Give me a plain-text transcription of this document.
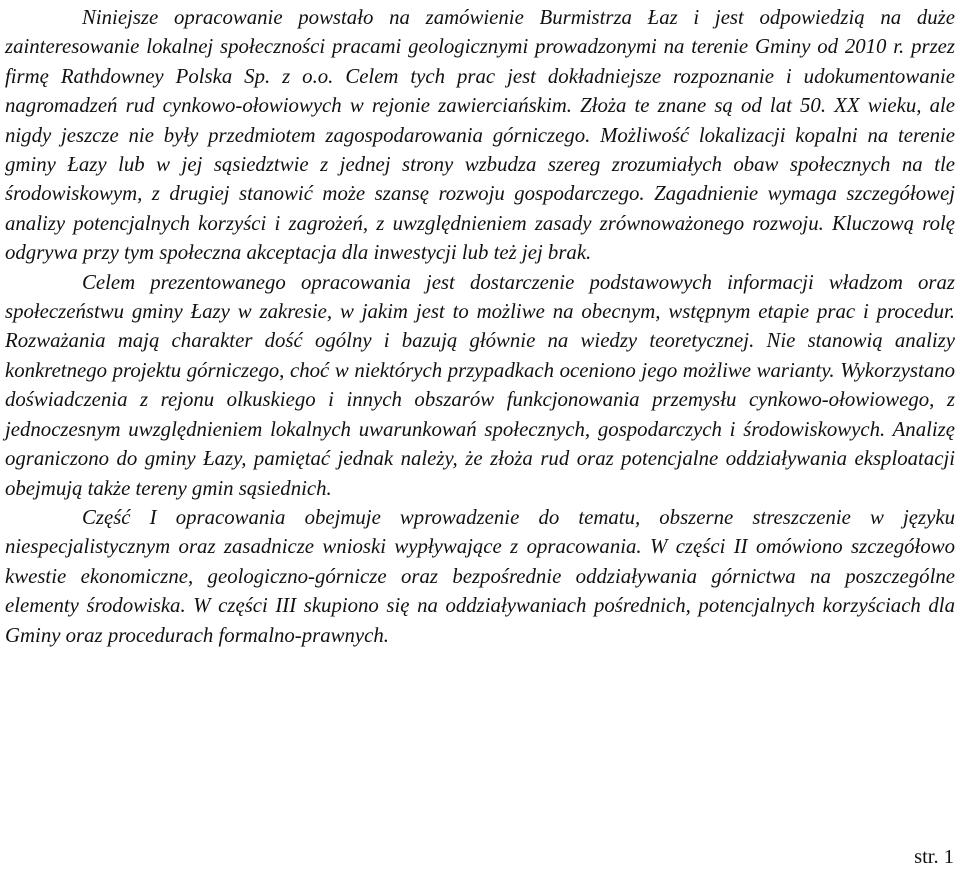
Niniejsze opracowanie powstało na zamówienie Burmistrza Łaz i jest odpowiedzią na duże zainteresowanie lokalnej społeczności pracami geologicznymi prowadzonymi na terenie Gminy od 2010 r. przez firmę Rathdowney Polska Sp. z o.o. Celem tych prac jest dokładniejsze rozpoznanie i udokumentowanie nagromadzeń rud cynkowo-ołowiowych w rejonie zawierciańskim. Złoża te znane są od lat 50. XX wieku, ale nigdy jeszcze nie były przedmiotem zagospodarowania górniczego. Możliwość lokalizacji kopalni na terenie gminy Łazy lub w jej sąsiedztwie z jednej strony wzbudza szereg zrozumiałych obaw społecznych na tle środowiskowym, z drugiej stanowić może szansę rozwoju gospodarczego. Zagadnienie wymaga szczegółowej analizy potencjalnych korzyści i zagrożeń, z uwzględnieniem zasady zrównoważonego rozwoju. Kluczową rolę odgrywa przy tym społeczna akceptacja dla inwestycji lub też jej brak.

Celem prezentowanego opracowania jest dostarczenie podstawowych informacji władzom oraz społeczeństwu gminy Łazy w zakresie, w jakim jest to możliwe na obecnym, wstępnym etapie prac i procedur. Rozważania mają charakter dość ogólny i bazują głównie na wiedzy teoretycznej. Nie stanowią analizy konkretnego projektu górniczego, choć w niektórych przypadkach oceniono jego możliwe warianty. Wykorzystano doświadczenia z rejonu olkuskiego i innych obszarów funkcjonowania przemysłu cynkowo-ołowiowego, z jednoczesnym uwzględnieniem lokalnych uwarunkowań społecznych, gospodarczych i środowiskowych. Analizę ograniczono do gminy Łazy, pamiętać jednak należy, że złoża rud oraz potencjalne oddziaływania eksploatacji obejmują także tereny gmin sąsiednich.

Część I opracowania obejmuje wprowadzenie do tematu, obszerne streszczenie w języku niespecjalistycznym oraz zasadnicze wnioski wypływające z opracowania. W części II omówiono szczegółowo kwestie ekonomiczne, geologiczno-górnicze oraz bezpośrednie oddziaływania górnictwa na poszczególne elementy środowiska. W części III skupiono się na oddziaływaniach pośrednich, potencjalnych korzyściach dla Gminy oraz procedurach formalno-prawnych.

str. 1
